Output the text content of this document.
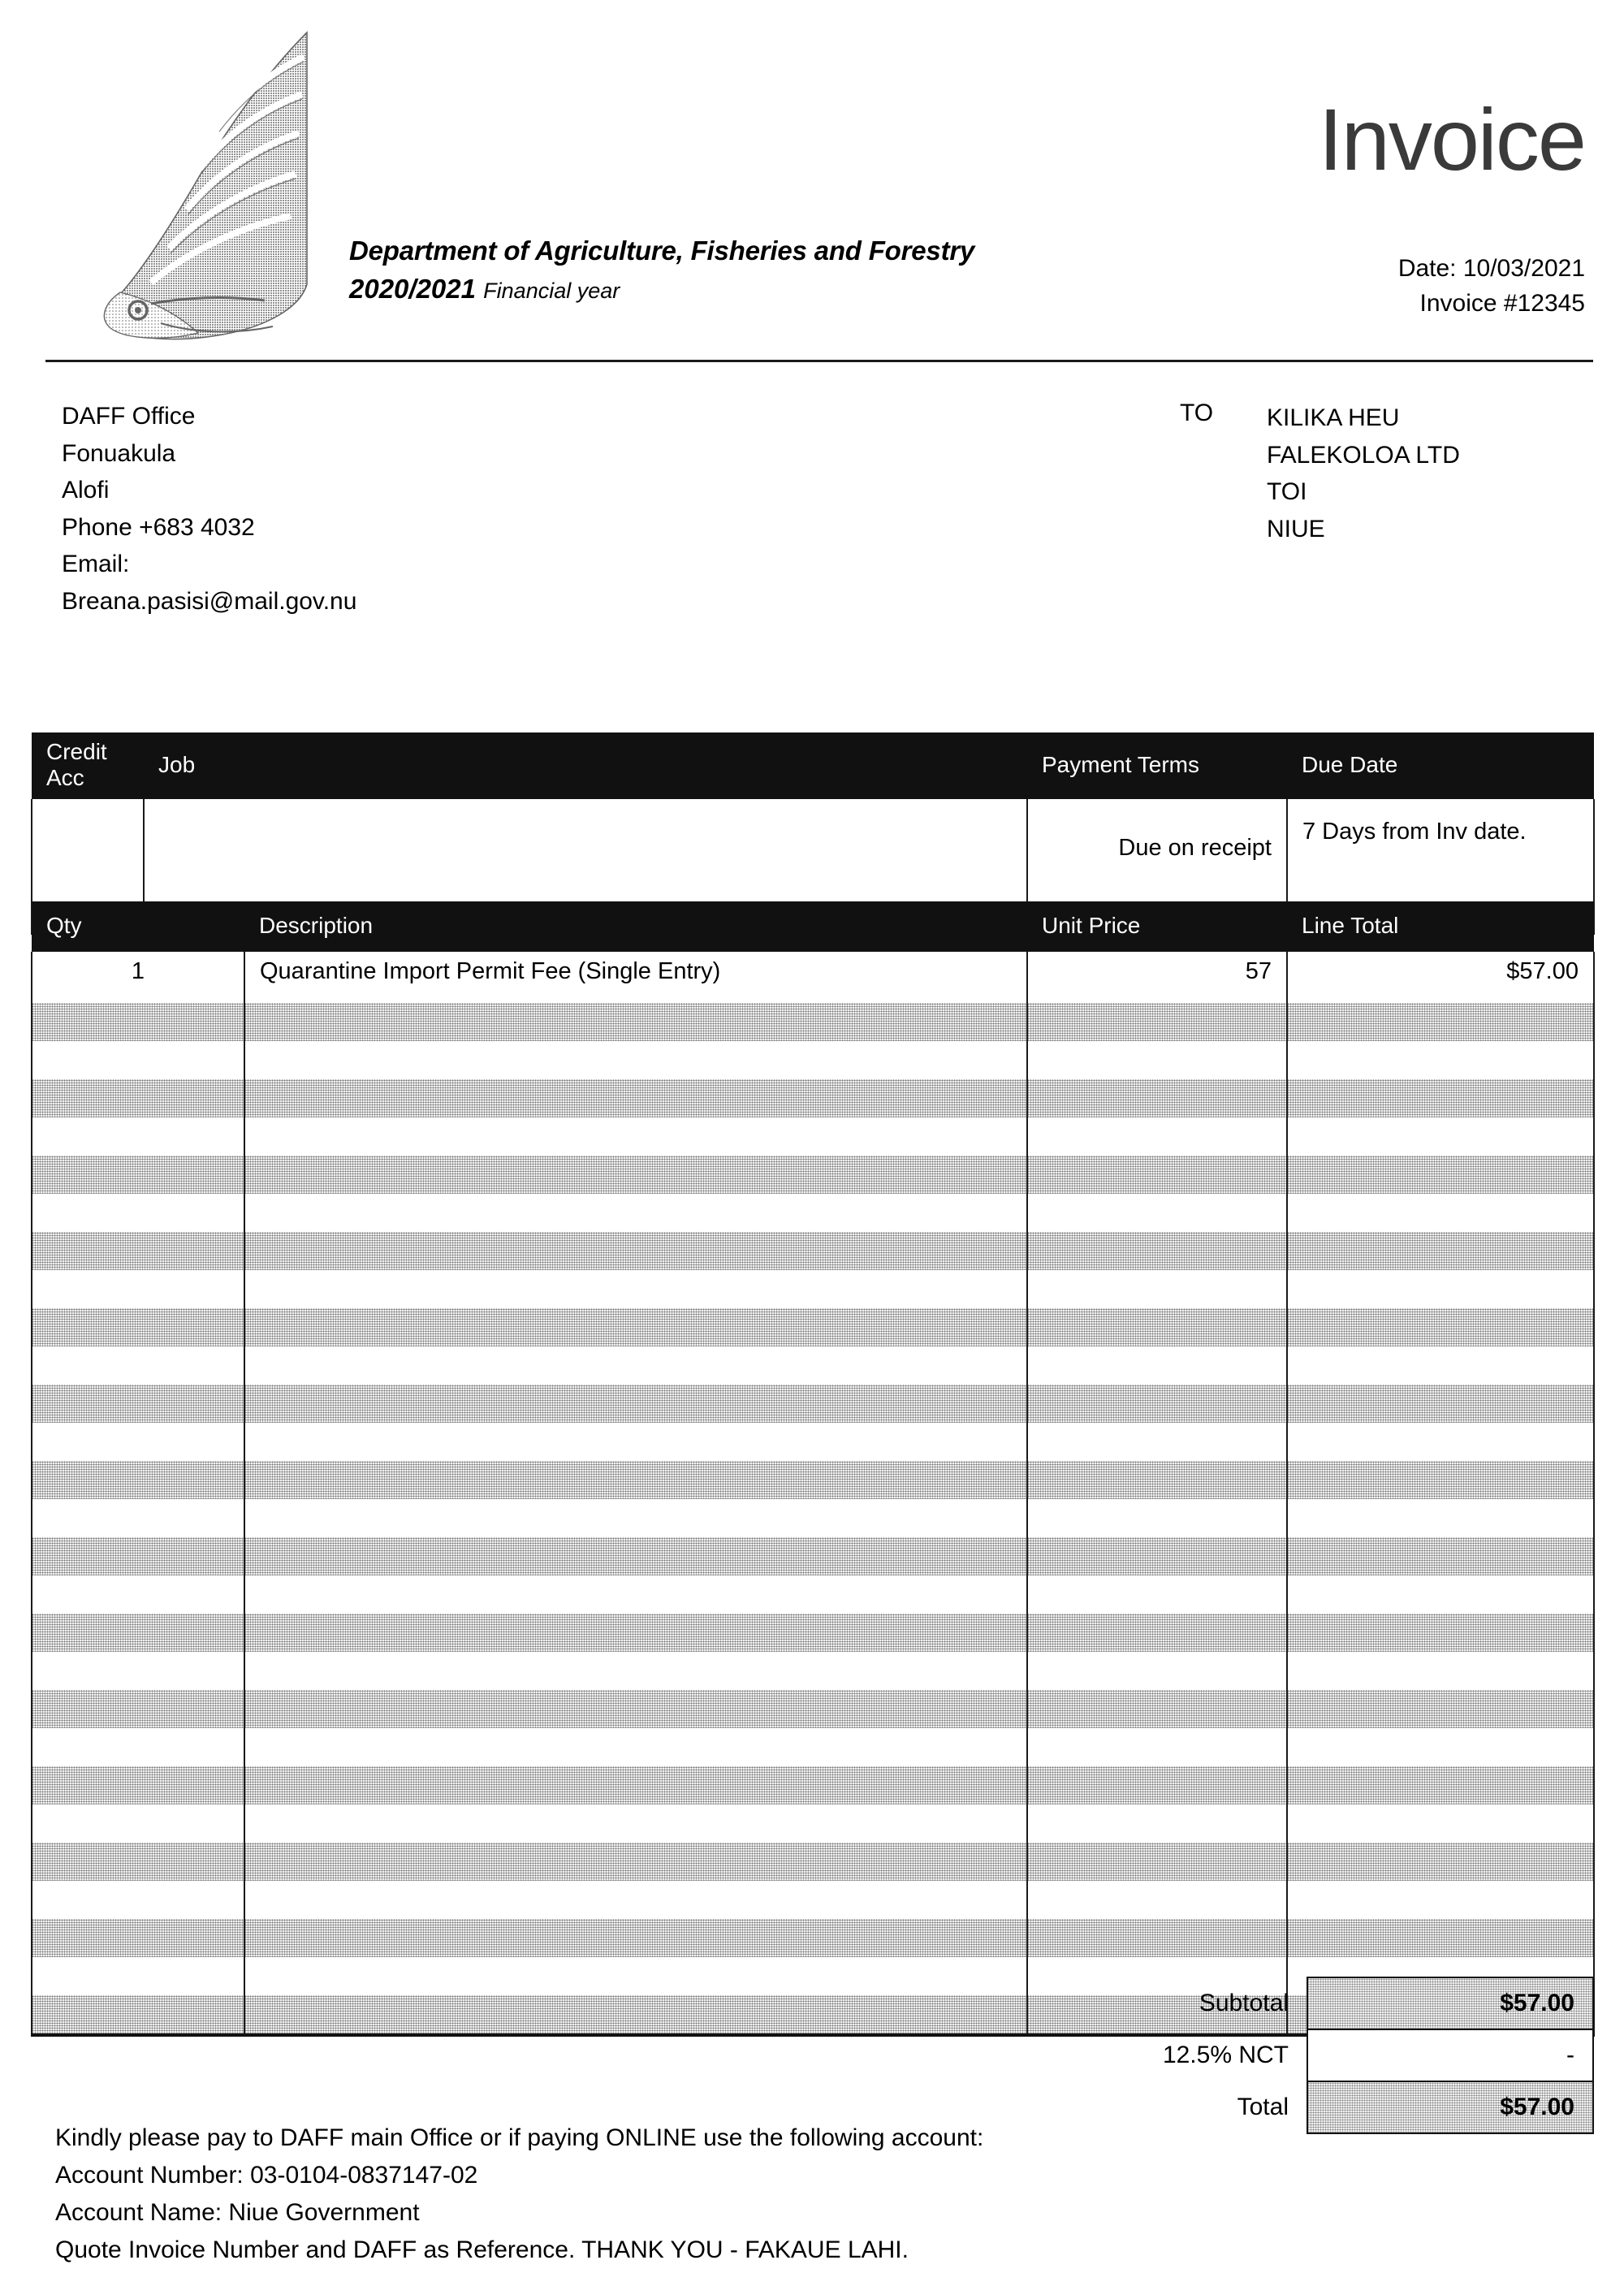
Department of Agriculture, Fisheries and Forestry
2020/2021 Financial year
Invoice
Date: 10/03/2021
Invoice #12345
DAFF Office
Fonuakula
Alofi
Phone +683 4032
Email:
Breana.pasisi@mail.gov.nu
TO KILIKA HEU
FALEKOLOA LTD
TOI
NIUE
Credit Acc	Job	Payment Terms	Due Date
		Due on receipt	7 Days from Inv date.
Qty	Description	Unit Price	Line Total
1	Quarantine Import Permit Fee (Single Entry)	57	$57.00

Subtotal	$57.00
12.5% NCT	-
Total	$57.00
Kindly please pay to DAFF main Office or if paying ONLINE use the following account:
Account Number: 03-0104-0837147-02
Account Name: Niue Government
Quote Invoice Number and DAFF as Reference. THANK YOU - FAKAUE LAHI.
